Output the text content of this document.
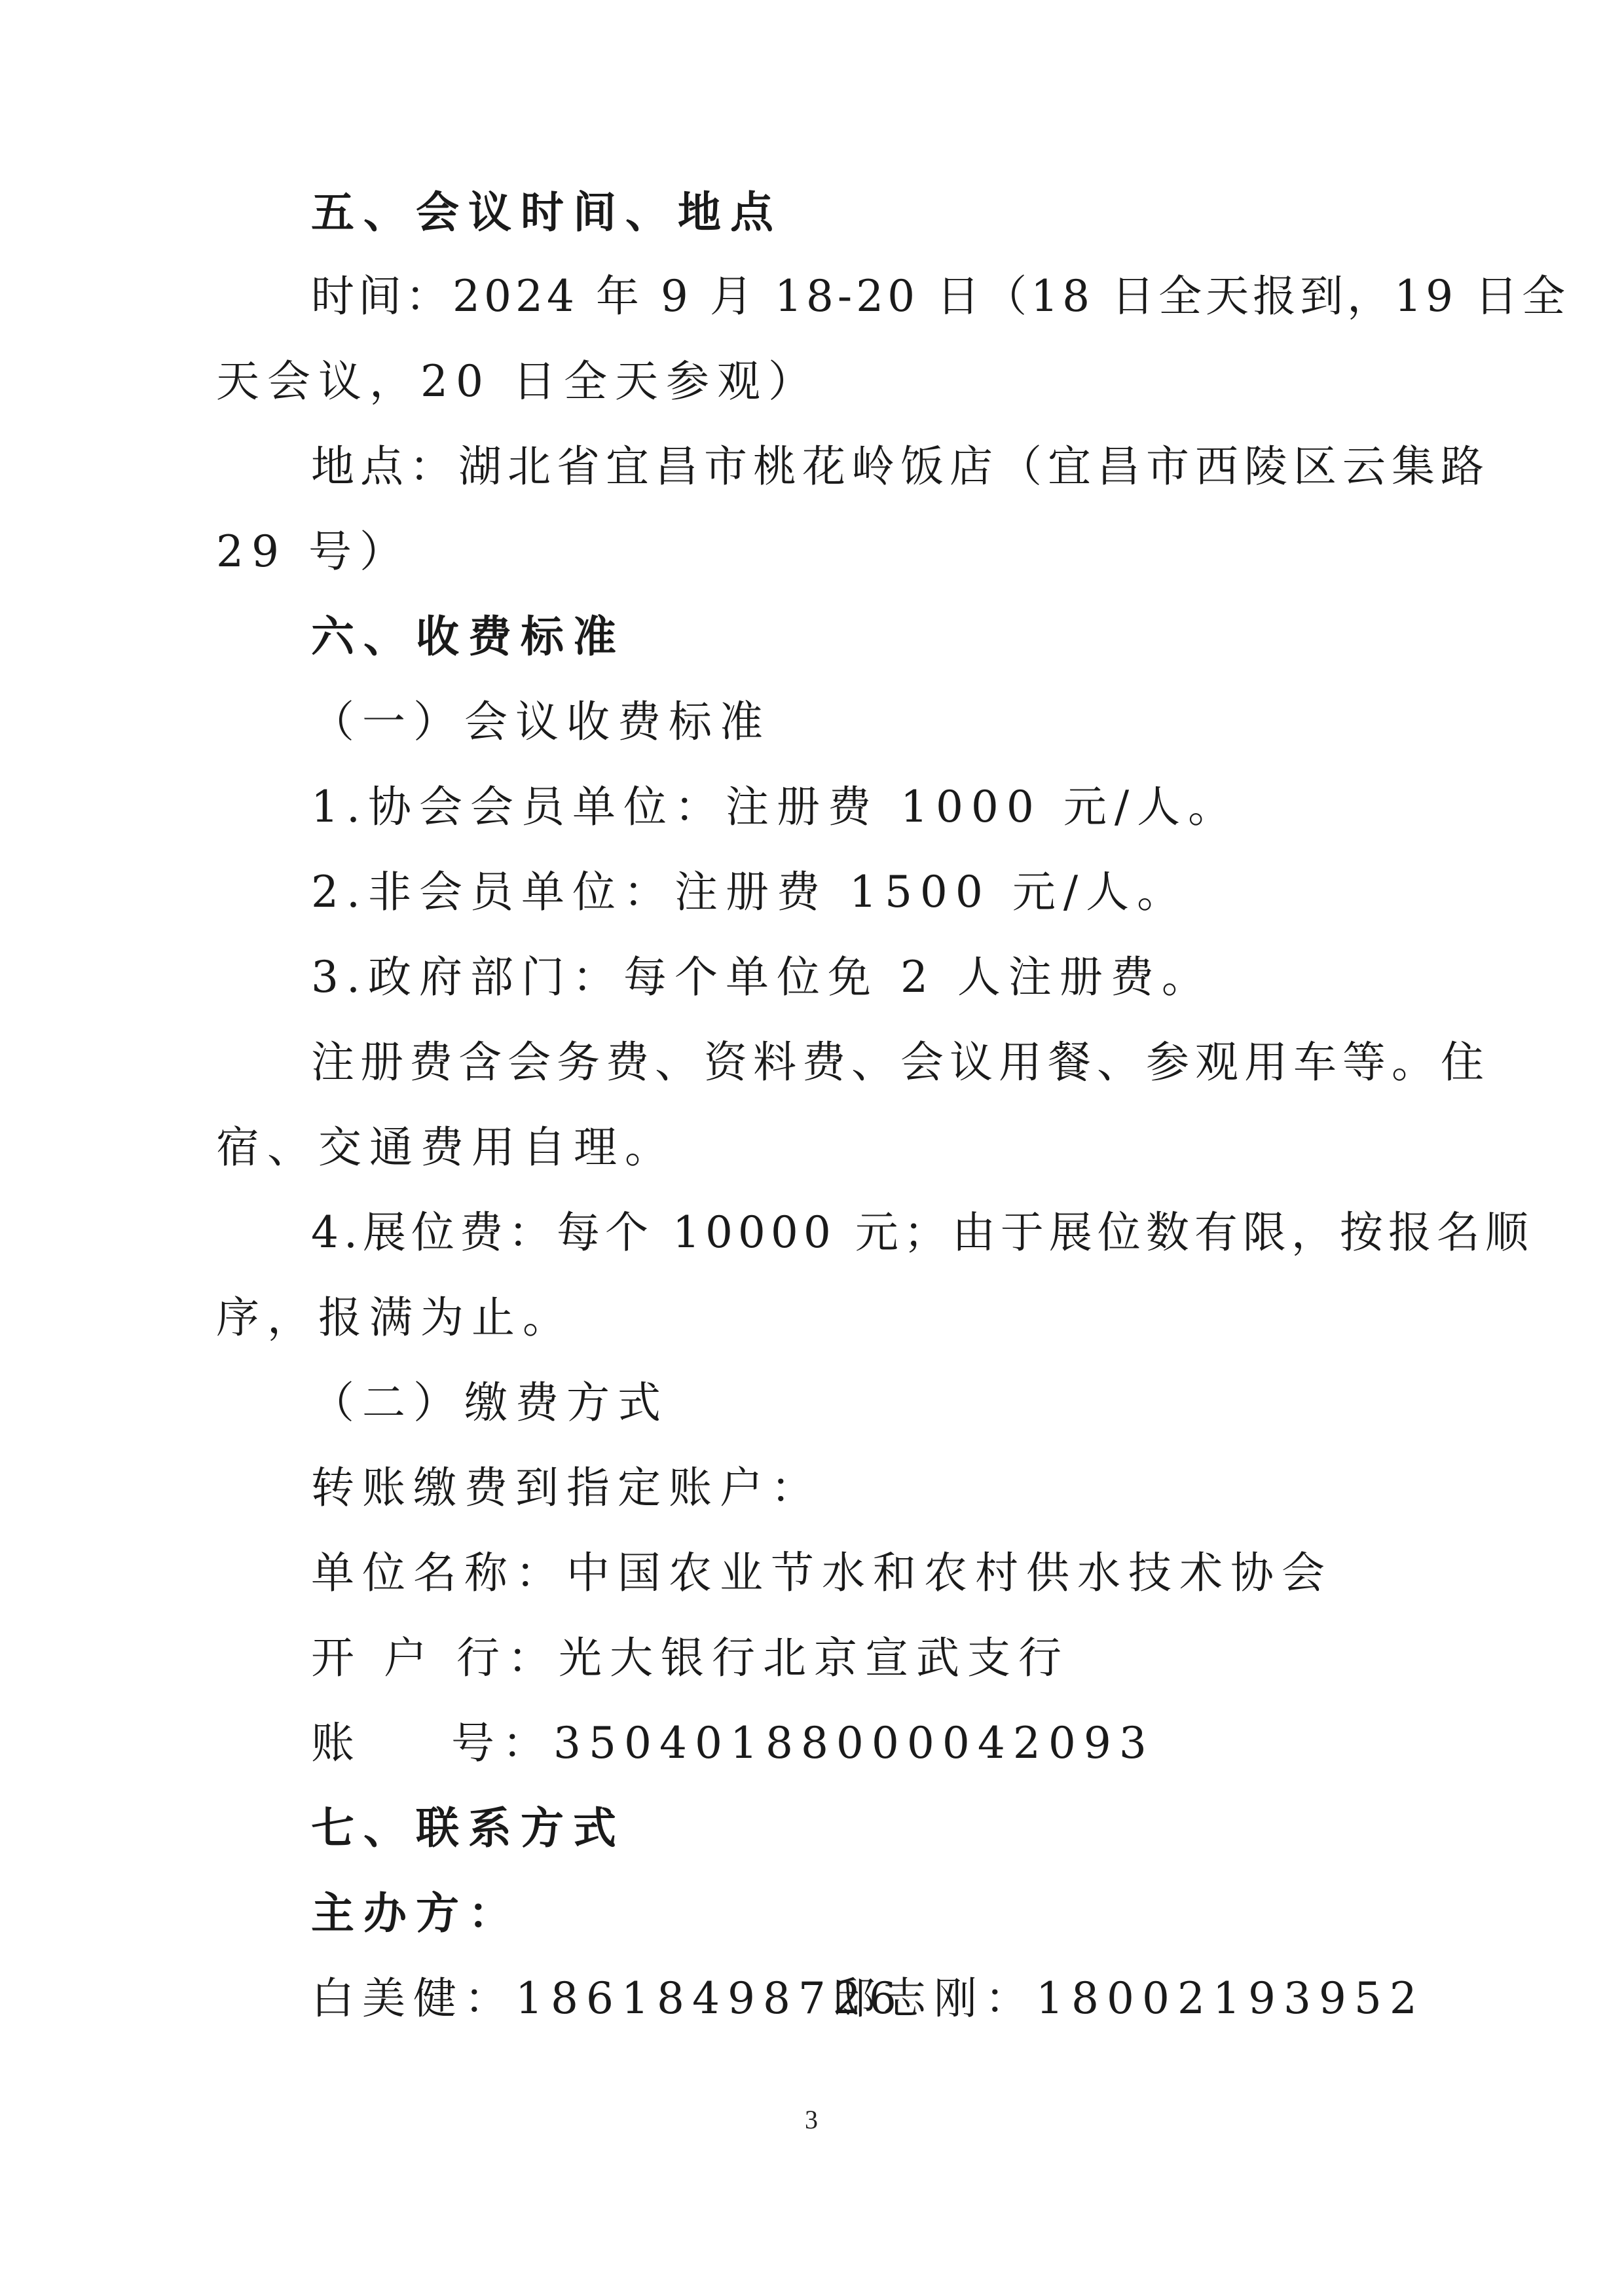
五、会议时间、地点
时间：2024 年 9 月 18-20 日（18 日全天报到，19 日全
天会议，20 日全天参观）
地点：湖北省宜昌市桃花岭饭店（宜昌市西陵区云集路
29 号）
六、收费标准
（一）会议收费标准
1.协会会员单位：注册费 1000 元/人。
2.非会员单位：注册费 1500 元/人。
3.政府部门：每个单位免 2 人注册费。
注册费含会务费、资料费、会议用餐、参观用车等。住
宿、交通费用自理。
4.展位费：每个 10000 元；由于展位数有限，按报名顺
序，报满为止。
（二）缴费方式
转账缴费到指定账户：
单位名称：中国农业节水和农村供水技术协会
开 户 行：光大银行北京宣武支行
账 号：35040188000042093
七、联系方式
主办方：
白美健：18618498726
邸志刚：18002193952
3
